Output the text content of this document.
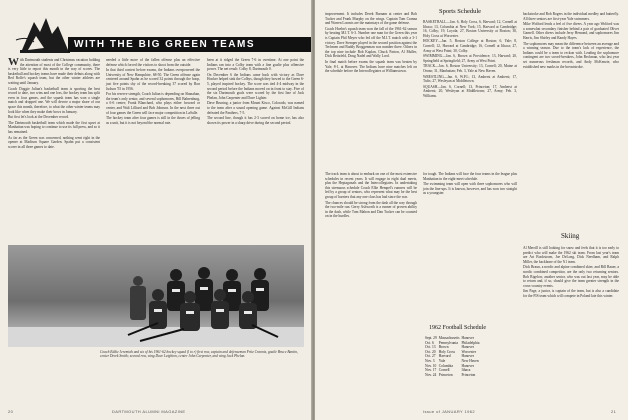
WITH THE BIG GREEN TEAMS

With Dartmouth students and Christmas vacation holding the attention of most of the College community, there is very little to report this month in the way of scores. The basketball and hockey teams have made their debuts along with Red Rolfe's squash team, but the other winter athletes are waiting until January.

Coach Doggie Julian's basketball team is sporting the best record to date, two wins and one loss, the hockey team has split even in four games, and the squash team has won a single match and dropped one. We will devote a major share of our space this month, therefore, to what the other winter teams may look like when they make their bows in January.

But first let's look at the December record.

The Dartmouth basketball team which made the first upset at Manhattan was hoping to continue to use its full press, and so it has remained.

As far as the Green was concerned, nothing went right in the opener at Madison Square Garden. Spahn put a consistent scorer in all three games to date.

needed a little more of the fallen offense plus an effective defense which forced the visitors to shoot from the outside.

In that third contest before exams, the Indians overpowered the University of New Hampshire, 68-50. The Green offense again centered around Spahn as he scored 32 points through the hoop, just five points shy of the record-breaking 37 scored by Ron Judson '55 in 1956.

For his reserve strength, Coach Julian is depending on Shanahan, the team's only senior, and several sophomores, Bill Bahrenburg, a 6-6 center; Frank Blanchard, who plays either forward or center, and Walt Lilliard and Bob Johnson. In the next three out of four games the Green will face major competition in LaSalle.

The hockey team after four games is still in the throes of jelling as a unit, but it is not beyond the normal rate.

been at it ridged the Green 7-6 in overtime. At one point the Indians ran into a Colby team with a fine goalie plus offensive power. The net result: Colby 8, Dartmouth 0.

On December 6 the Indians came back with victory as Dave Hooker helped sink the Colbys, though they bowed to the Green 6-5, played inspired hockey. The score was tied 4-4 midway in the second period before the Indians moved on in front to stay. Five of the six Dartmouth goals were scored by the first line of Jack Phelan, John Carpenter and Dave Lighter.

Dave Bruning, a junior from Mount Kisco, Colorado, was named to the team after a sound opening game. Against McGill Indians defeated the Panthers, 7-5.

The second line, though it has 2-3 scored on home ice, has also shown its power in a sharp drive during the second period.

Coach Eddie Jeremiah and six of his 1961-62 hockey squad (l to r) first row, captain and defenseman Fritz Crannis, goalie Bruce Bantin, center Derek Smith; second row, wing Dave Leighton, center John Carpenter, and wing Jack Phelan.
20	DARTMOUTH ALUMNI MAGAZINE

improvement. It includes Derek Burnam at center and Bob Tucker and Frank Murphy on the wings. Captain Tom Cranna and Warren Loomis are the mainstays of the game defense.

Coach Hoehn's squash team won the fall of the 1961-62 season by beating M.I.T. 6-3. Number one man for the Green this year is Captain Phil Meyer who led off the M.I.T. match with a 3-1 victory. Dave Stemper played in the second position against the Techmen and Buddy Broggenman was number three. Others in the top nine include Bob Kaplan, Chuck Parton, Al Muller, Dick Reitzfeld, Doug Nadel and Wally Lord.

In final match before exams the squash team was beaten by Yale, 8-1, at Hanover. The Indians have nine matches left on the schedule before the Intercollegiates at Williamstown.

The track team is about to embark on one of the most extensive schedules in recent years. It will engage in eight dual meets, plus the Heptagonals and the Intercollegiates. In undertaking this strenuous schedule Coach Ellie Hempel's runners will be led by a group of seniors, who represent what may be the best group of harriers that any one class has had since the war.

The chances should be strong from the dash all the way through the two-mile run. Gerry Ashworth is a runner of proven ability in the dash, while Tom Mahon and Dan Tucker can be counted on in the hurdles.

Sports Schedule

BASKETBALL—Jan. 6, Holy Cross, 6, Harvard; 12, Cornell at Ithaca; 13, Columbia at New York; 15, Harvard at Cambridge; 16, Colby; 19, Loyola; 27, Boston University at Boston; 30, Holy Cross at Worcester.

HOCKEY—Jan. 5, Boston College at Boston; 6, Yale; 8, Cornell; 12, Harvard at Cambridge; 16, Cornell at Ithaca; 27, Army at West Point; 30, Colby.

SWIMMING—Jan. 6, Brown at Providence; 13, Harvard; 20, Springfield at Springfield; 27, Army at West Point.

TRACK—Jan. 6, Boston University; 13, Cornell; 20, Maine at Orono; 31, Manhattan; Feb. 3, Yale at New Haven.

WRESTLING—Jan. 6, W.P.I.; 13, Amherst at Amherst; 17, Tufts; 27, Wesleyan at Middletown.

SQUASH—Jan. 6, Cornell; 13, Princeton; 17, Amherst at Amherst; 20, Wesleyan at Middletown; 27, Army; Feb. 3, Williams.

for tough. The Indians will face the four teams in the league plus Manhattan in the eight-meet schedule.

The swimming team will open with three sophomores who will join the line-ups. It is known, however, and has won two straight as a youngster.

1962 Football Schedule
Sept. 29	Massachusetts	Hanover
Oct. 6	Pennsylvania	Philadelphia
Oct. 13	Brown	Hanover
Oct. 20	Holy Cross	Worcester
Oct. 27	Harvard	Hanover
Nov. 3	Yale	New Haven
Nov. 10	Columbia	Hanover
Nov. 17	Cornell	Ithaca
Nov. 24	Princeton	Princeton

backstroke and Bob Rogers in the individual medley and butterfly. All three seniors are first-year Yale swimmers.

Mike Wolford lends a feel of five divers. A year ago Wolford was a somewhat secondary finisher behind a pair of graduated Oliver Garnell. Other divers include Jerry Hemond, and sophomores Jim Harris, Jim Shirley and Randy Hayes.

The sophomores may mean the difference between an average and a winning season. Due to the team's lack of experience, the Indians could be a team to reckon with. Leading the sophomore contingent are two sword-breakers, John Beckman, who last year set numerous freshman records, and Andy McKenzie, who established new marks in the breaststroke.

Skiing

Al Merrill is still looking for snow and feels that it is too early to predict who will make the 1962 ski team. From last year's team are Art Bookstrom, Joe DeLong, Dick Needham, and Ralph Miller, the backbone of the '61 team.

Dick Braun, a nordic and alpine combined skier, and Bill Bauer, a nordic combined competitor, are the only two returning seniors. Bob Bigelow, another senior, who was out last year, may be able to return and, if so, should give the team greater strength in the cross-country events.

Jim Page, a junior, is captain of the team, but is also a candidate for the FIS team which will compete in Poland late this winter.

Issue of JANUARY 1962	21
